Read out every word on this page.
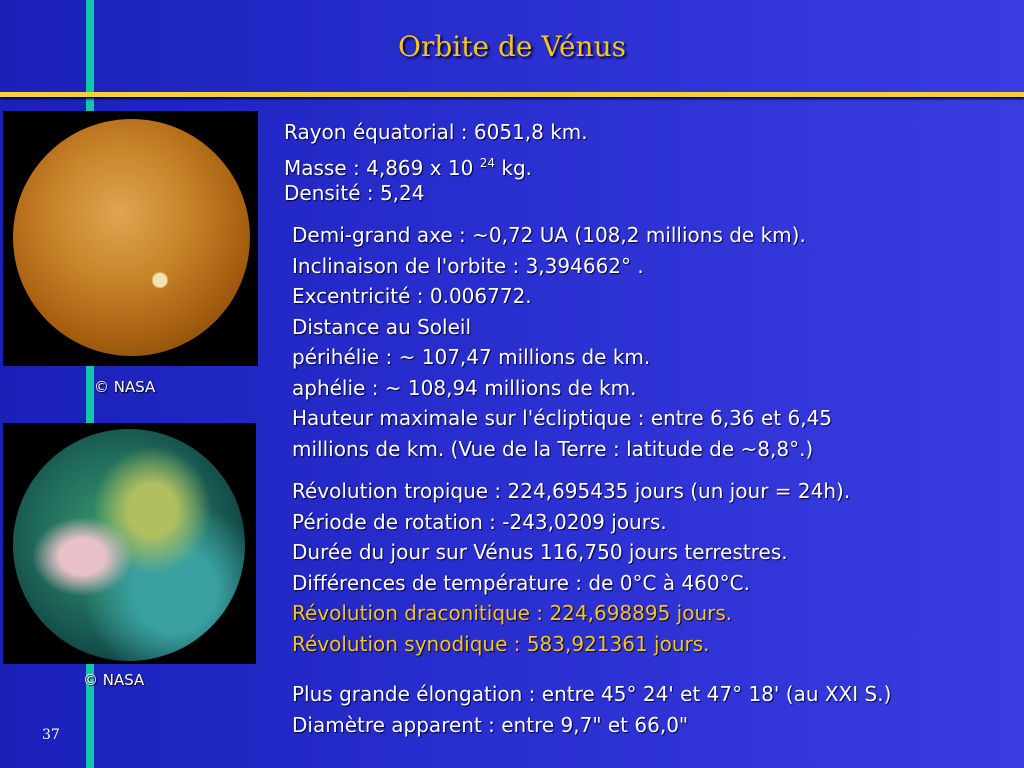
Orbite de Vénus
© NASA
© NASA
Rayon équatorial : 6051,8 km.
Masse : 4,869 x 10 $^{24}$ kg.
Densité : 5,24
Demi-grand axe : ~0,72 UA (108,2 millions de km).
Inclinaison de l'orbite : 3,394662° .
Excentricité : 0.006772.
Distance au Soleil
périhélie : ~ 107,47 millions de km.
aphélie : ~ 108,94 millions de km.
Hauteur maximale sur l'écliptique : entre 6,36 et 6,45
millions de km. (Vue de la Terre : latitude de ~8,8°.)
Révolution tropique : 224,695435 jours (un jour = 24h).
Période de rotation : -243,0209 jours.
Durée du jour sur Vénus 116,750 jours terrestres.
Différences de température : de 0°C à 460°C.
Révolution draconitique : 224,698895 jours.
Révolution synodique : 583,921361 jours.
Plus grande élongation : entre 45° 24' et 47° 18' (au XXI S.)
Diamètre apparent : entre 9,7" et 66,0"
37
